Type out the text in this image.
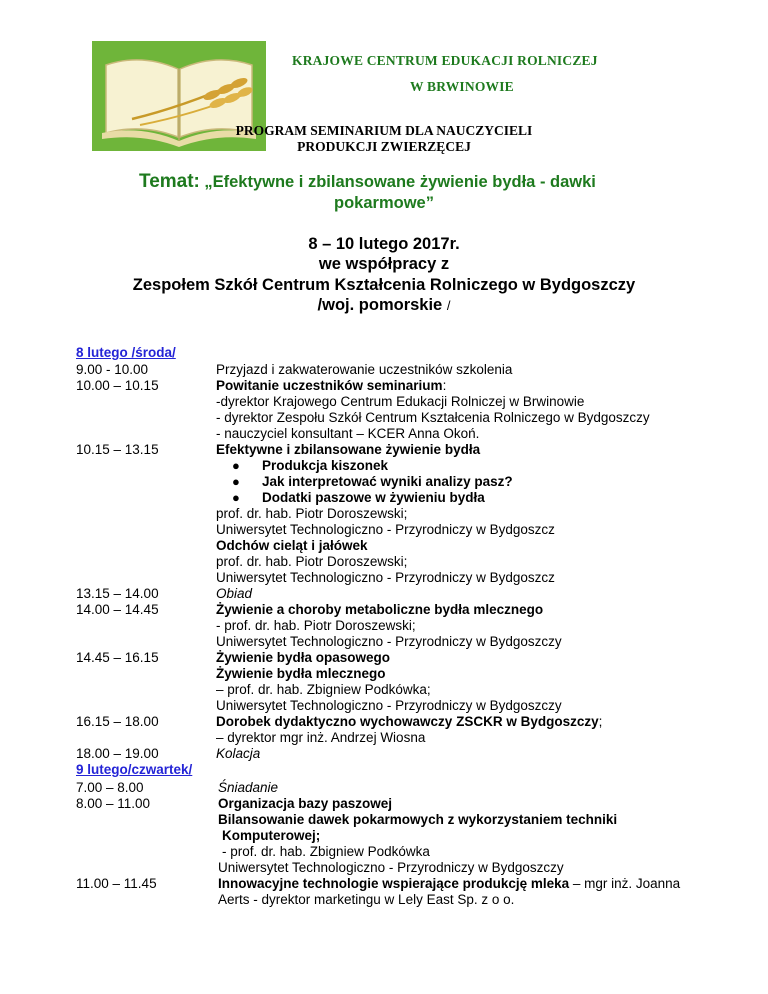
KRAJOWE CENTRUM EDUKACJI ROLNICZEJ
W BRWINOWIE
PROGRAM SEMINARIUM DLA NAUCZYCIELI
PRODUKCJI ZWIERZĘCEJ
Temat: „Efektywne i zbilansowane żywienie bydła - dawki
pokarmowe”
8 – 10 lutego 2017r.
we współpracy z
Zespołem Szkół Centrum Kształcenia Rolniczego w Bydgoszczy
/woj. pomorskie /
8 lutego /środa/
9.00 - 10.00	Przyjazd i zakwaterowanie uczestników szkolenia
10.00 – 10.15	Powitanie uczestników seminarium:
-dyrektor Krajowego Centrum Edukacji Rolniczej w Brwinowie
- dyrektor Zespołu Szkół Centrum Kształcenia Rolniczego w Bydgoszczy
- nauczyciel konsultant – KCER Anna Okoń.
10.15 – 13.15	Efektywne i zbilansowane żywienie bydła
● Produkcja kiszonek
● Jak interpretować wyniki analizy pasz?
● Dodatki paszowe w żywieniu bydła
prof. dr. hab. Piotr Doroszewski;
Uniwersytet Technologiczno - Przyrodniczy w Bydgoszcz
Odchów cieląt i jałówek
prof. dr. hab. Piotr Doroszewski;
Uniwersytet Technologiczno - Przyrodniczy w Bydgoszcz
13.15 – 14.00	Obiad
14.00 – 14.45	Żywienie a choroby metaboliczne bydła mlecznego
- prof. dr. hab. Piotr Doroszewski;
Uniwersytet Technologiczno - Przyrodniczy w Bydgoszczy
14.45 – 16.15	Żywienie bydła opasowego
Żywienie bydła mlecznego
– prof. dr. hab. Zbigniew Podkówka;
Uniwersytet Technologiczno - Przyrodniczy w Bydgoszczy
16.15 – 18.00	Dorobek dydaktyczno wychowawczy ZSCKR w Bydgoszczy;
– dyrektor mgr inż. Andrzej Wiosna
18.00 – 19.00	Kolacja
9 lutego/czwartek/
7.00 – 8.00	Śniadanie
8.00 – 11.00	Organizacja bazy paszowej
Bilansowanie dawek pokarmowych z wykorzystaniem techniki
Komputerowej;
- prof. dr. hab. Zbigniew Podkówka
Uniwersytet Technologiczno - Przyrodniczy w Bydgoszczy
11.00 – 11.45	Innowacyjne technologie wspierające produkcję mleka – mgr inż. Joanna
Aerts - dyrektor marketingu w Lely East Sp. z o o.
